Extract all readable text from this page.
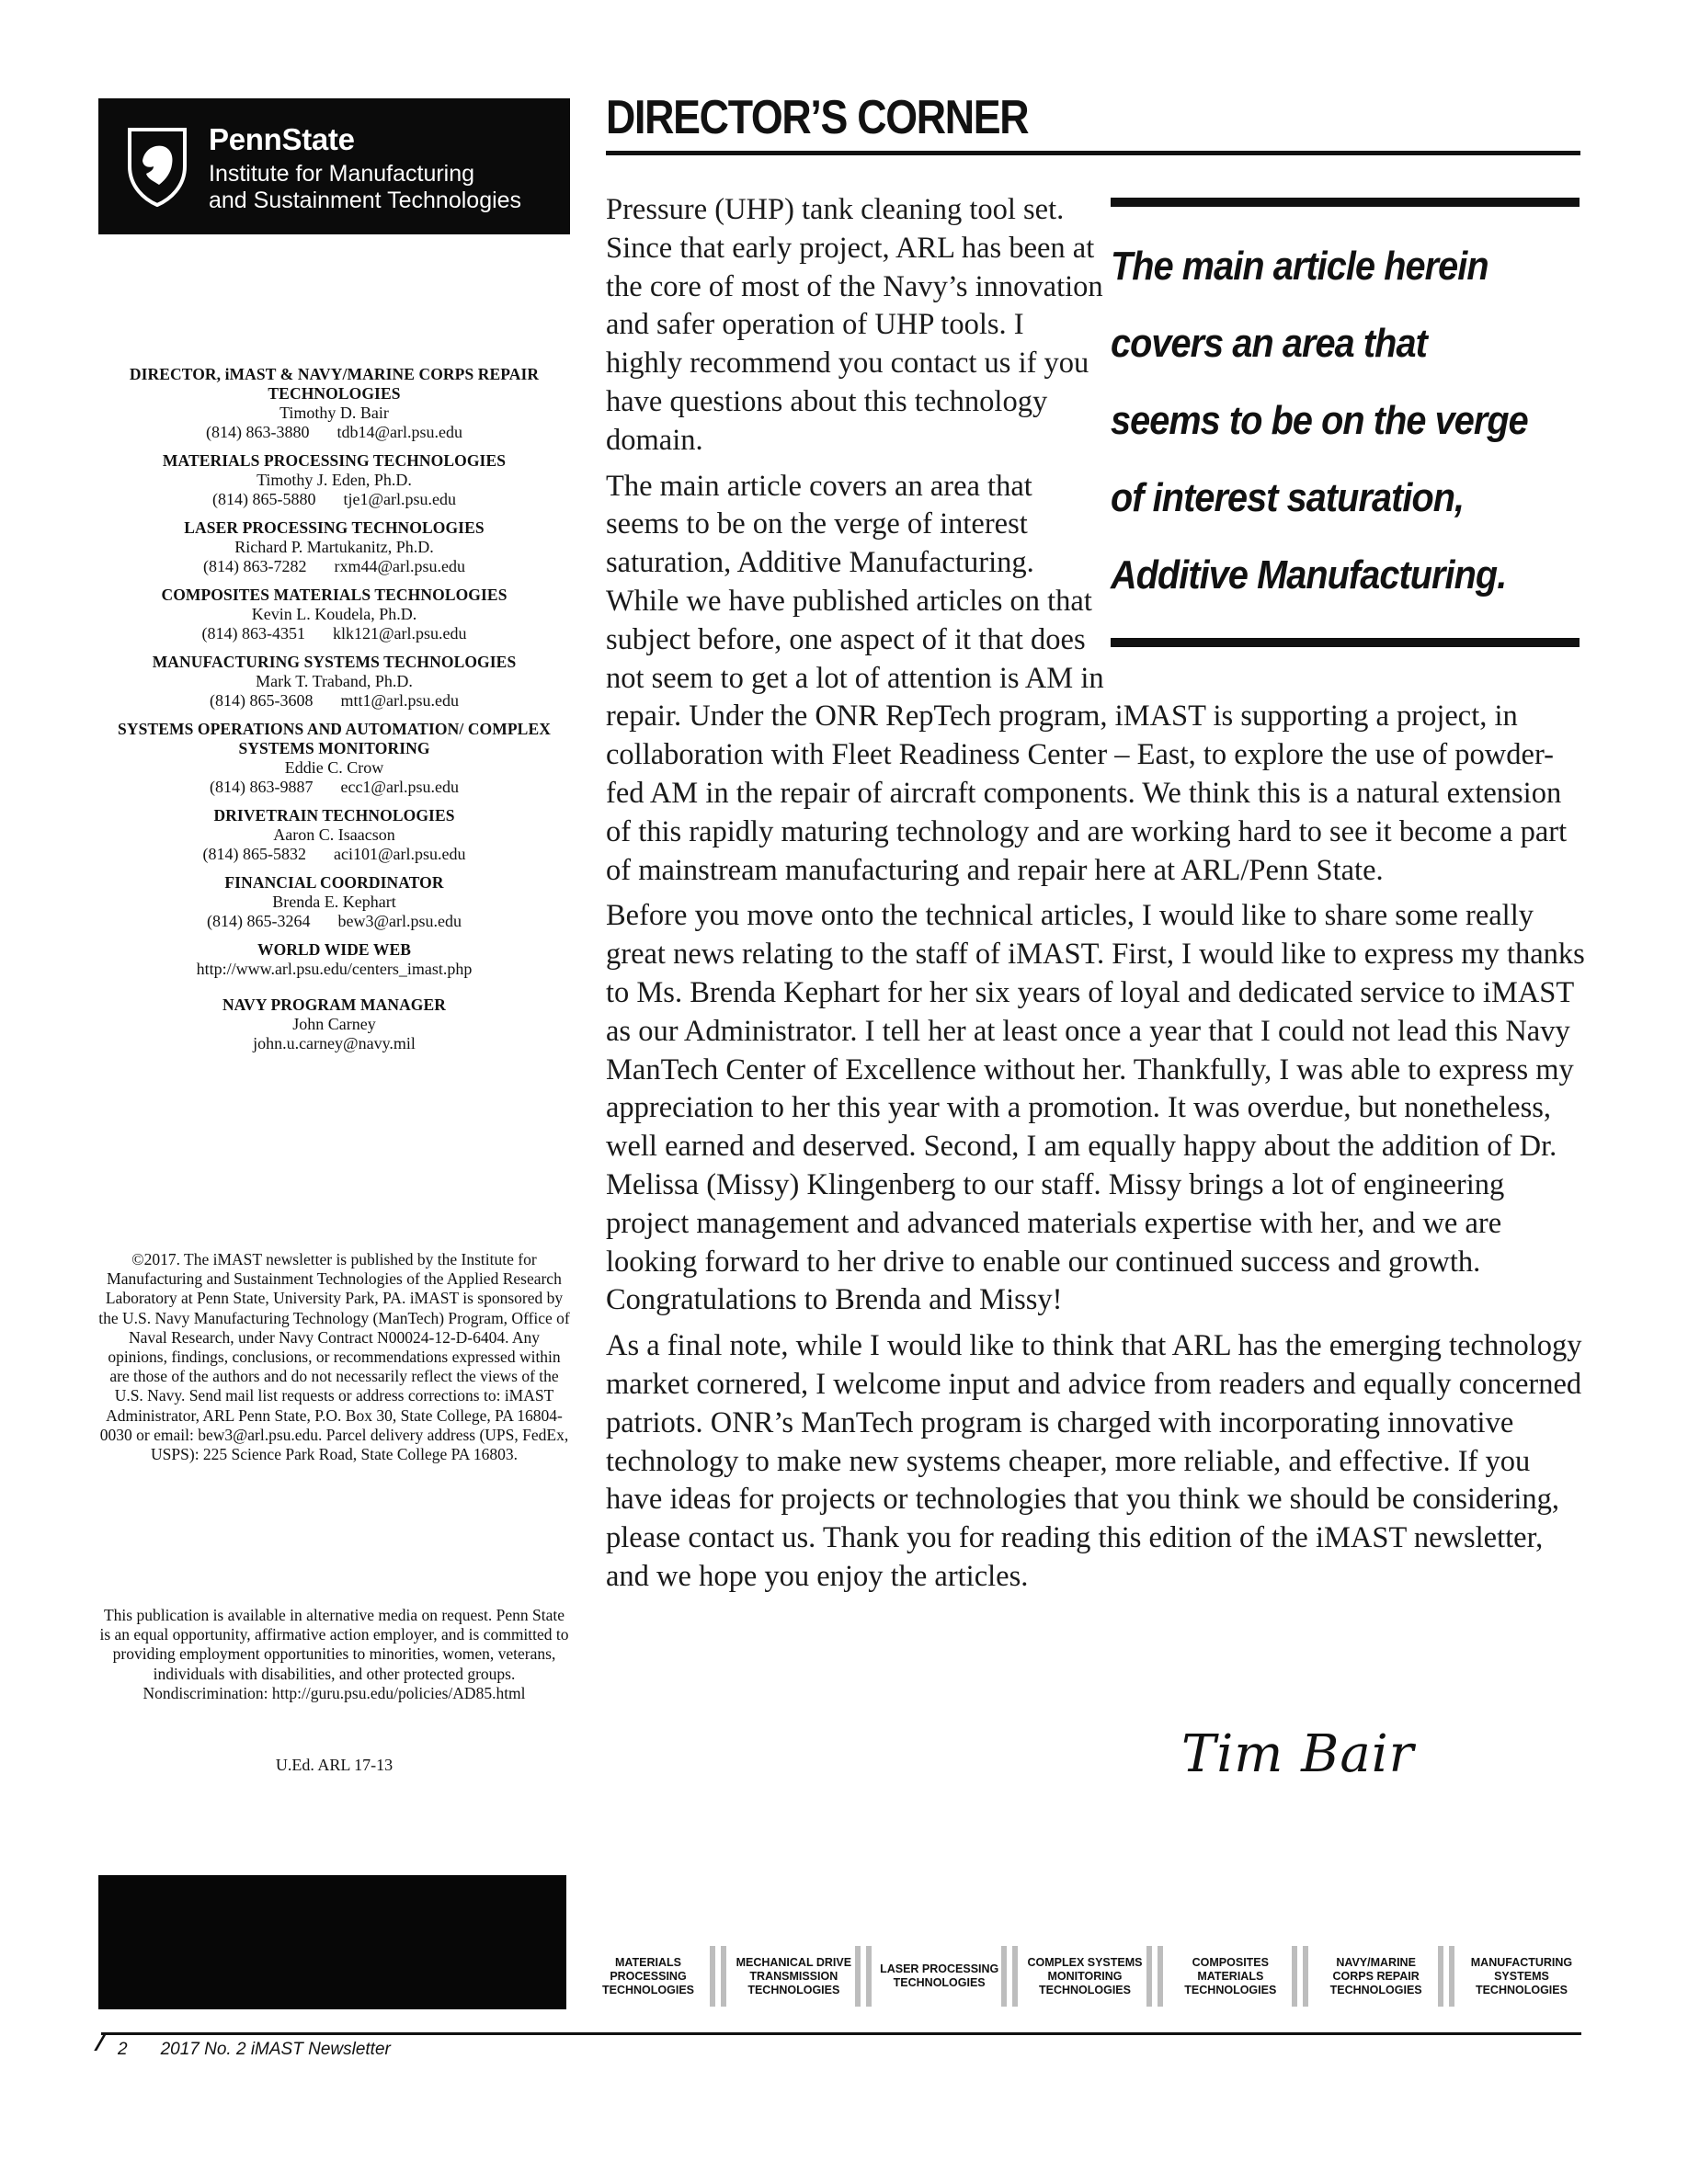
PennState
Institute for Manufacturing
and Sustainment Technologies
DIRECTOR, iMAST & NAVY/MARINE CORPS REPAIR TECHNOLOGIES
Timothy D. Bair
(814) 863-3880 tdb14@arl.psu.edu
MATERIALS PROCESSING TECHNOLOGIES
Timothy J. Eden, Ph.D.
(814) 865-5880 tje1@arl.psu.edu
LASER PROCESSING TECHNOLOGIES
Richard P. Martukanitz, Ph.D.
(814) 863-7282 rxm44@arl.psu.edu
COMPOSITES MATERIALS TECHNOLOGIES
Kevin L. Koudela, Ph.D.
(814) 863-4351 klk121@arl.psu.edu
MANUFACTURING SYSTEMS TECHNOLOGIES
Mark T. Traband, Ph.D.
(814) 865-3608 mtt1@arl.psu.edu
SYSTEMS OPERATIONS AND AUTOMATION/ COMPLEX SYSTEMS MONITORING
Eddie C. Crow
(814) 863-9887 ecc1@arl.psu.edu
DRIVETRAIN TECHNOLOGIES
Aaron C. Isaacson
(814) 865-5832 aci101@arl.psu.edu
FINANCIAL COORDINATOR
Brenda E. Kephart
(814) 865-3264 bew3@arl.psu.edu
WORLD WIDE WEB
http://www.arl.psu.edu/centers_imast.php
NAVY PROGRAM MANAGER
John Carney
john.u.carney@navy.mil
©2017. The iMAST newsletter is published by the Institute for Manufacturing and Sustainment Technologies of the Applied Research Laboratory at Penn State, University Park, PA. iMAST is sponsored by the U.S. Navy Manufacturing Technology (ManTech) Program, Office of Naval Research, under Navy Contract N00024-12-D-6404. Any opinions, findings, conclusions, or recommendations expressed within are those of the authors and do not necessarily reflect the views of the U.S. Navy. Send mail list requests or address corrections to: iMAST Administrator, ARL Penn State, P.O. Box 30, State College, PA 16804-0030 or email: bew3@arl.psu.edu. Parcel delivery address (UPS, FedEx, USPS): 225 Science Park Road, State College PA 16803.
This publication is available in alternative media on request. Penn State is an equal opportunity, affirmative action employer, and is committed to providing employment opportunities to minorities, women, veterans, individuals with disabilities, and other protected groups. Nondiscrimination: http://guru.psu.edu/policies/AD85.html
U.Ed. ARL 17-13
DIRECTOR’S CORNER
The main article herein covers an area that seems to be on the verge of interest saturation, Additive Manufacturing.

Pressure (UHP) tank cleaning tool set. Since that early project, ARL has been at the core of most of the Navy’s innovation and safer operation of UHP tools. I highly recommend you contact us if you have questions about this technology domain.

The main article covers an area that seems to be on the verge of interest saturation, Additive Manufacturing. While we have published articles on that subject before, one aspect of it that does not seem to get a lot of attention is AM in repair. Under the ONR RepTech program, iMAST is supporting a project, in collaboration with Fleet Readiness Center – East, to explore the use of powder-fed AM in the repair of aircraft components. We think this is a natural extension of this rapidly maturing technology and are working hard to see it become a part of mainstream manufacturing and repair here at ARL/Penn State.

Before you move onto the technical articles, I would like to share some really great news relating to the staff of iMAST. First, I would like to express my thanks to Ms. Brenda Kephart for her six years of loyal and dedicated service to iMAST as our Administrator. I tell her at least once a year that I could not lead this Navy ManTech Center of Excellence without her. Thankfully, I was able to express my appreciation to her this year with a promotion. It was overdue, but nonetheless, well earned and deserved. Second, I am equally happy about the addition of Dr. Melissa (Missy) Klingenberg to our staff. Missy brings a lot of engineering project management and advanced materials expertise with her, and we are looking forward to her drive to enable our continued success and growth. Congratulations to Brenda and Missy!

As a final note, while I would like to think that ARL has the emerging technology market cornered, I welcome input and advice from readers and equally concerned patriots. ONR’s ManTech program is charged with incorporating innovative technology to make new systems cheaper, more reliable, and effective. If you have ideas for projects or technologies that you think we should be considering, please contact us. Thank you for reading this edition of the iMAST newsletter, and we hope you enjoy the articles.

Tim Bair
MATERIALS PROCESSING TECHNOLOGIES
MECHANICAL DRIVE TRANSMISSION TECHNOLOGIES
LASER PROCESSING TECHNOLOGIES
COMPLEX SYSTEMS MONITORING TECHNOLOGIES
COMPOSITES MATERIALS TECHNOLOGIES
NAVY/MARINE CORPS REPAIR TECHNOLOGIES
MANUFACTURING SYSTEMS TECHNOLOGIES
2 2017 No. 2 iMAST Newsletter
